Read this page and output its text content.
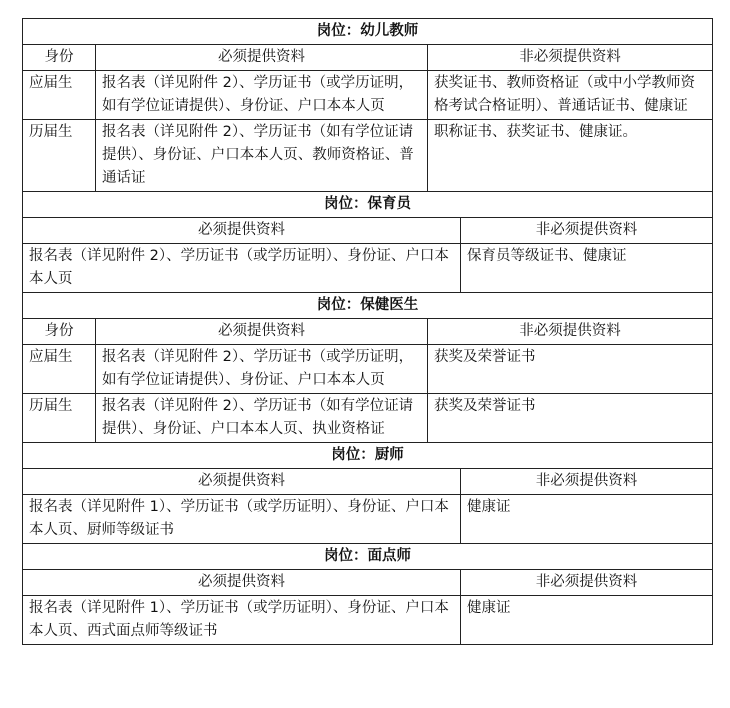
岗位：幼儿教师			
身份	必须提供资料	非必须提供资料	
应届生	报名表（详见附件 2）、学历证书（或学历证明，如有学位证请提供）、身份证、户口本本人页	获奖证书、教师资格证（或中小学教师资格考试合格证明）、普通话证书、健康证	
历届生	报名表（详见附件 2）、学历证书（如有学位证请提供）、身份证、户口本本人页、教师资格证、普通话证	职称证书、获奖证书、健康证。	
岗位：保育员			
必须提供资料			非必须提供资料
报名表（详见附件 2）、学历证书（或学历证明）、身份证、户口本本人页			保育员等级证书、健康证
岗位：保健医生			
身份	必须提供资料	非必须提供资料	
应届生	报名表（详见附件 2）、学历证书（或学历证明，如有学位证请提供）、身份证、户口本本人页	获奖及荣誉证书	
历届生	报名表（详见附件 2）、学历证书（如有学位证请提供）、身份证、户口本本人页、执业资格证	获奖及荣誉证书	
岗位：厨师			
必须提供资料			非必须提供资料
报名表（详见附件 1）、学历证书（或学历证明）、身份证、户口本本人页、厨师等级证书			健康证
岗位：面点师			
必须提供资料			非必须提供资料
报名表（详见附件 1）、学历证书（或学历证明）、身份证、户口本本人页、西式面点师等级证书			健康证
